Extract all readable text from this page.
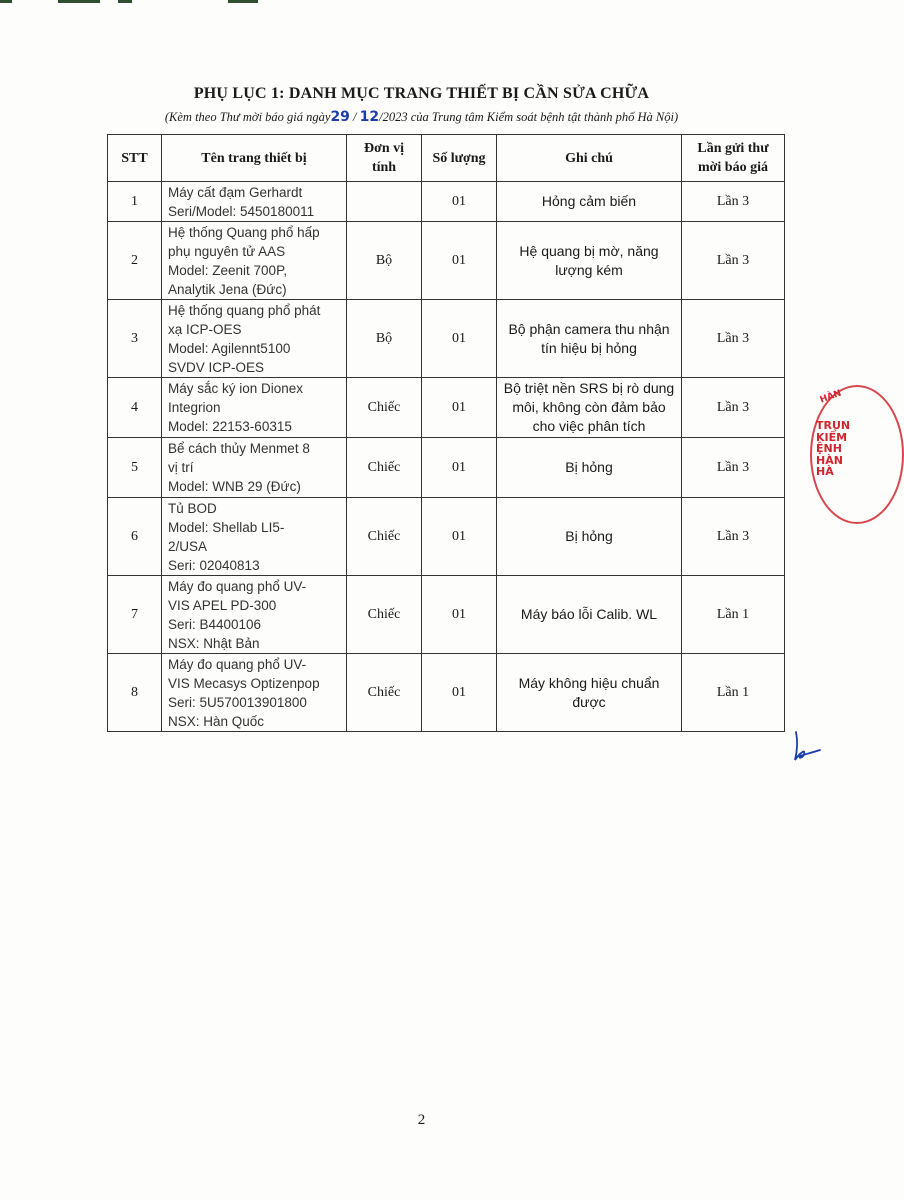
PHỤ LỤC 1: DANH MỤC TRANG THIẾT BỊ CẦN SỬA CHỮA
(Kèm theo Thư mời báo giá ngày29 / 12/2023 của Trung tâm Kiểm soát bệnh tật thành phố Hà Nội)
STT	Tên trang thiết bị	Đơn vị tính	Số lượng	Ghi chú	Lần gửi thư mời báo giá
1	Máy cất đạm Gerhardt
Seri/Model: 5450180011		01	Hỏng cảm biến	Lần 3
2	Hệ thống Quang phổ hấp
phụ nguyên tử AAS
Model: Zeenit 700P,
Analytik Jena (Đức)	Bộ	01	Hệ quang bị mờ, năng lượng kém	Lần 3
3	Hệ thống quang phổ phát
xạ ICP-OES
Model: Agilennt5100
SVDV ICP-OES	Bộ	01	Bộ phận camera thu nhận tín hiệu bị hỏng	Lần 3
4	Máy sắc ký ion Dionex
Integrion
Model: 22153-60315	Chiếc	01	Bộ triệt nền SRS bị rò dung môi, không còn đảm bảo cho việc phân tích	Lần 3
5	Bể cách thủy Menmet 8
vị trí
Model: WNB 29 (Đức)	Chiếc	01	Bị hỏng	Lần 3
6	Tủ BOD
Model: Shellab LI5-
2/USA
Seri: 02040813	Chiếc	01	Bị hỏng	Lần 3
7	Máy đo quang phổ UV-
VIS APEL PD-300
Seri: B4400106
NSX: Nhật Bản	Chiếc	01	Máy báo lỗi Calib. WL	Lần 1
8	Máy đo quang phổ UV-
VIS Mecasys Optizenpop
Seri: 5U570013901800
NSX: Hàn Quốc	Chiếc	01	Máy không hiệu chuẩn được	Lần 1
HÀN
TRUN
KIỂM
ỆNH
HÀN
HÀ
2
